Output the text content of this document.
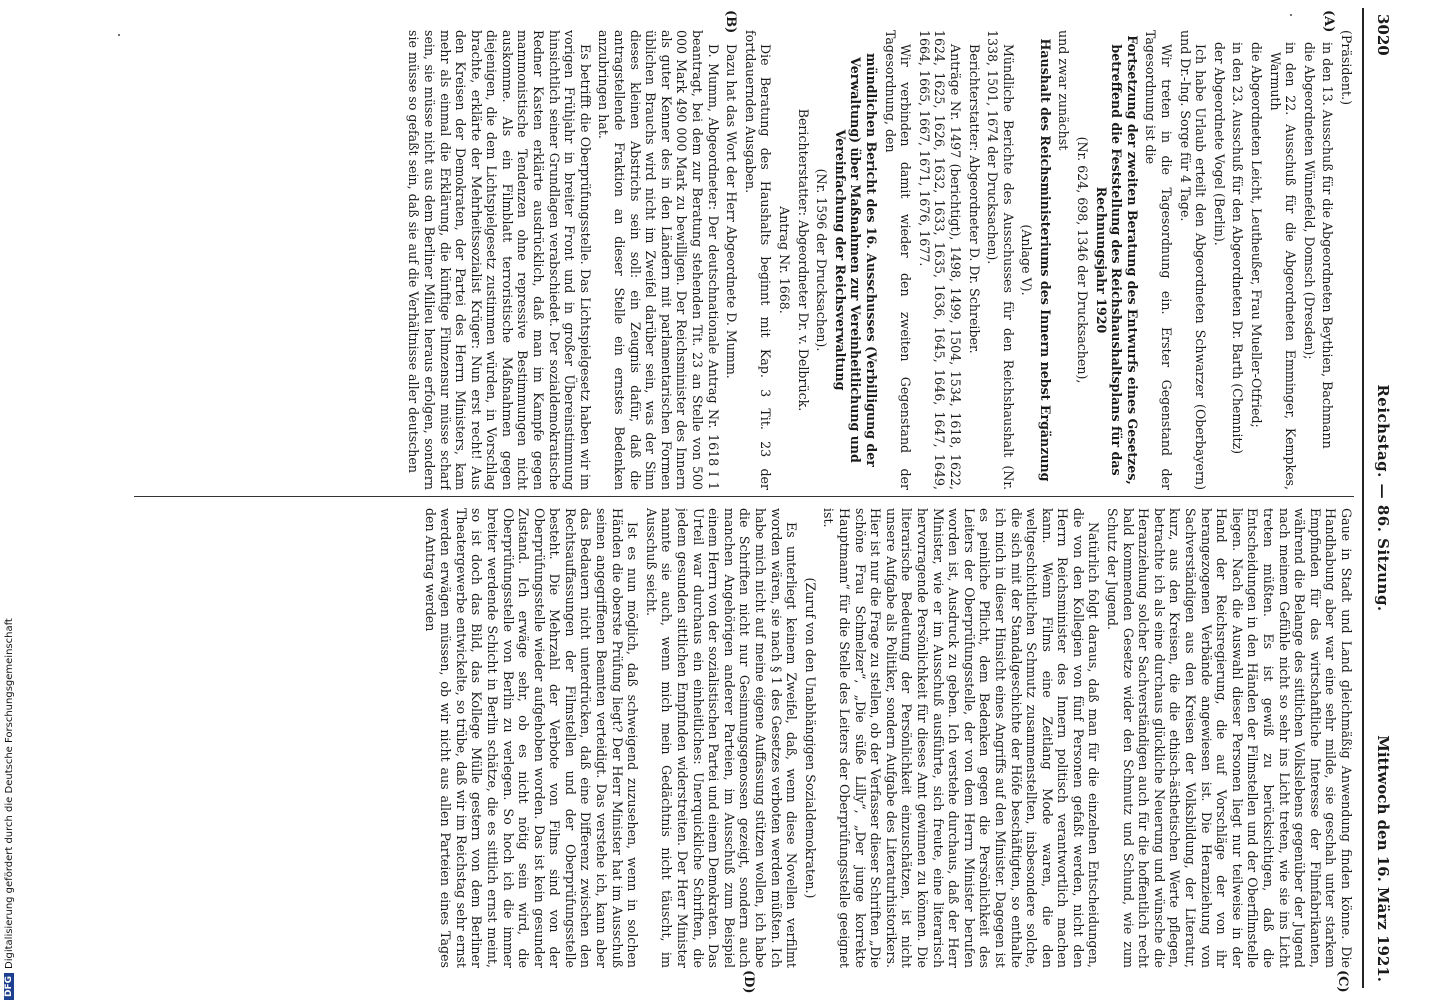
3020
Reichstag. — 86. Sitzung.
Mittwoch den 16. März 1921.
(A)
(B)
(C)
(D)

(Präsident.)

in den 13. Ausschuß für die Abgeordneten Beythien, Bachmann

die Abgeordneten Wünnefeld, Domsch (Dresden);

in den 22. Ausschuß für die Abgeordneten Emminger, Kempkes, Warmuth

die Abgeordneten Leicht, Leutheußer, Frau Mueller-Otfried;

in den 23. Ausschuß für den Abgeordneten Dr. Barth (Chemnitz)

der Abgeordnete Vogel (Berlin).

Ich habe Urlaub erteilt den Abgeordneten Schwarzer (Oberbayern) und Dr.-Ing. Sorge für 4 Tage.

Wir treten in die Tagesordnung ein. Erster Gegenstand der Tagesordnung ist die

Fortsetzung der zweiten Beratung des Entwurfs eines Gesetzes, betreffend die Feststellung des Reichshaushaltsplans für das Rechnungsjahr 1920

(Nr. 624, 698, 1346 der Drucksachen),

und zwar zunächst

Haushalt des Reichsministeriums des Innern nebst Ergänzung

(Anlage V).

Mündliche Berichte des Ausschusses für den Reichshaushalt (Nr. 1338, 1501, 1674 der Drucksachen).

Berichterstatter: Abgeordneter D. Dr. Schreiber.

Anträge Nr. 1497 (berichtigt), 1498, 1499, 1504, 1534, 1618, 1622, 1624, 1625, 1626, 1632, 1633, 1635, 1636, 1645, 1646, 1647, 1649, 1664, 1665, 1667, 1671, 1676, 1677.

Wir verbinden damit wieder den zweiten Gegenstand der Tagesordnung, den

mündlichen Bericht des 16. Ausschusses (Verbilligung der Verwaltung) über Maßnahmen zur Vereinheitlichung und Vereinfachung der Reichsverwaltung

(Nr. 1596 der Drucksachen).

Berichterstatter: Abgeordneter Dr. v. Delbrück.

Antrag Nr. 1668.

Die Beratung des Haushalts beginnt mit Kap. 3 Tit. 23 der fortdauernden Ausgaben.

Dazu hat das Wort der Herr Abgeordnete D. Mumm.

D. Mumm, Abgeordneter: Der deutschnationale Antrag Nr. 1618 I 1 beantragt, bei dem zur Beratung stehenden Tit. 23 an Stelle von 500 000 Mark 490 000 Mark zu bewilligen. Der Reichsminister des Innern als guter Kenner des in den Ländern mit parlamentarischen Formen üblichen Brauchs wird nicht im Zweifel darüber sein, was der Sinn dieses kleinen Abstrichs sein soll: ein Zeugnis dafür, daß die antragstellende Fraktion an dieser Stelle ein ernstes Bedenken anzubringen hat.

Es betrifft die Oberprüfungsstelle. Das Lichtspielgesetz haben wir im vorigen Frühjahr in breiter Front und in großer Übereinstimmung hinsichtlich seiner Grundlagen verabschiedet. Der sozialdemokratische Redner Kasten erklärte ausdrücklich, daß man im Kampfe gegen mammonistische Tendenzen ohne repressive Bestimmungen nicht auskomme. Als ein Filmblatt terroristische Maßnahmen gegen diejenigen, die dem Lichtspielgesetz zustimmen würden, in Vorschlag brachte, erklärte der Mehrheitssozialist Krüger: Nun erst recht! Aus den Kreisen der Demokraten, der Partei des Herrn Ministers, kam mehr als einmal die Erklärung, die künftige Filmzensur müsse scharf sein, sie müsse nicht aus dem Berliner Milieu heraus erfolgen, sondern sie müsse so gefaßt sein, daß sie auf die Verhältnisse aller deutschen

Gaue in Stadt und Land gleichmäßig Anwendung finden könne. Die Handhabung aber war eine sehr milde, sie geschah unter starkem Empfinden für das wirtschaftliche Interesse der Filmfabrikanten, während die Belange des sittlichen Volkslebens gegenüber der Jugend nach meinem Gefühle nicht so sehr ins Licht treten, wie sie ins Licht treten müßten. Es ist gewiß zu berücksichtigen, daß die Entscheidungen in den Händen der Filmstellen und der Oberfilmstelle liegen. Nach die Auswahl dieser Personen liegt nur teilweise in der Hand der Reichsregierung, die auf Vorschläge der von ihr herangezogenen Verbände angewiesen ist. Die Heranziehung von Sachverständigen aus den Kreisen der Volksbildung, der Literatur, kurz, aus den Kreisen, die die ethisch-ästhetischen Werte pflegen, betrachte ich als eine durchaus glückliche Neuerung und wünsche die Heranziehung solcher Sachverständigen auch für die hoffentlich recht bald kommenden Gesetze wider den Schmutz und Schund, wie zum Schutz der Jugend.

Natürlich folgt daraus, daß man für die einzelnen Entscheidungen, die von den Kollegien von fünf Personen gefaßt werden, nicht den Herrn Reichsminister des Innern politisch verantwortlich machen kann. Wenn Films eine Zeitlang Mode waren, die den weltgeschichtlichen Schmutz zusammenstellten, insbesondere solche, die sich mit der Standalgeschichte der Höfe beschäftigten, so enthalte ich mich in dieser Hinsicht eines Angriffs auf den Minister. Dagegen ist es peinliche Pflicht, dem Bedenken gegen die Persönlichkeit des Leiters der Oberprüfungsstelle, der von dem Herrn Minister berufen worden ist, Ausdruck zu geben. Ich verstehe durchaus, daß der Herr Minister, wie er im Ausschuß ausführte, sich freute, eine literarisch hervorragende Persönlichkeit für dieses Amt gewinnen zu können. Die literarische Bedeutung der Persönlichkeit einzuschätzen, ist nicht unsere Aufgabe als Politiker, sondern Aufgabe des Literaturhistorikers. Hier ist nur die Frage zu stellen, ob der Verfasser dieser Schriften „Die schöne Frau Schmelzer“, „Die süße Lilly“, „Der junge korrekte Hauptmann“ für die Stelle des Leiters der Oberprüfungsstelle geeignet ist.

(Zuruf von den Unabhängigen Sozialdemokraten.)

Es unterliegt keinem Zweifel, daß, wenn diese Novellen verfilmt worden wären, sie nach § 1 des Gesetzes verboten werden müßten. Ich habe mich nicht auf meine eigene Auffassung stützen wollen, ich habe die Schriften nicht nur Gesinnungsgenossen gezeigt, sondern auch manchen Angehörigen anderer Parteien, im Ausschuß zum Beispiel einem Herrn von der sozialistischen Partei und einem Demokraten. Das Urteil war durchaus ein einheitliches: Unerquickliche Schriften, die jedem gesunden sittlichen Empfinden widerstreiten. Der Herr Minister nannte sie auch, wenn mich mein Gedächtnis nicht täuscht, im Ausschuß seicht.

Ist es nun möglich, daß schweigend zuzusehen, wenn in solchen Händen die oberste Prüfung liegt? Der Herr Minister hat im Ausschuß seinen angegriffenen Beamten verteidigt. Das verstehe ich, kann aber das Bedauern nicht unterdrücken, daß eine Differenz zwischen den Rechtsauffassungen der Filmstellen und der Oberprüfungsstelle besteht. Die Mehrzahl der Verbote von Films sind von der Oberprüfungsstelle wieder aufgehoben worden. Das ist kein gesunder Zustand. Ich erwäge sehr, ob es nicht nötig sein wird, die Oberprüfungsstelle von Berlin zu verlegen. So hoch ich die immer breiter werdende Schicht in Berlin schätze, die es sittlich ernst meint, so ist doch das Bild, das Kollege Mülle gestern von dem Berliner Theatergewerbe entwickelte, so trübe, daß wir im Reichstag sehr ernst werden erwägen müssen, ob wir nicht aus allen Parteien eines Tages den Antrag werden

DFGDigitalisierung gefördert durch die Deutsche Forschungsgemeinschaft
